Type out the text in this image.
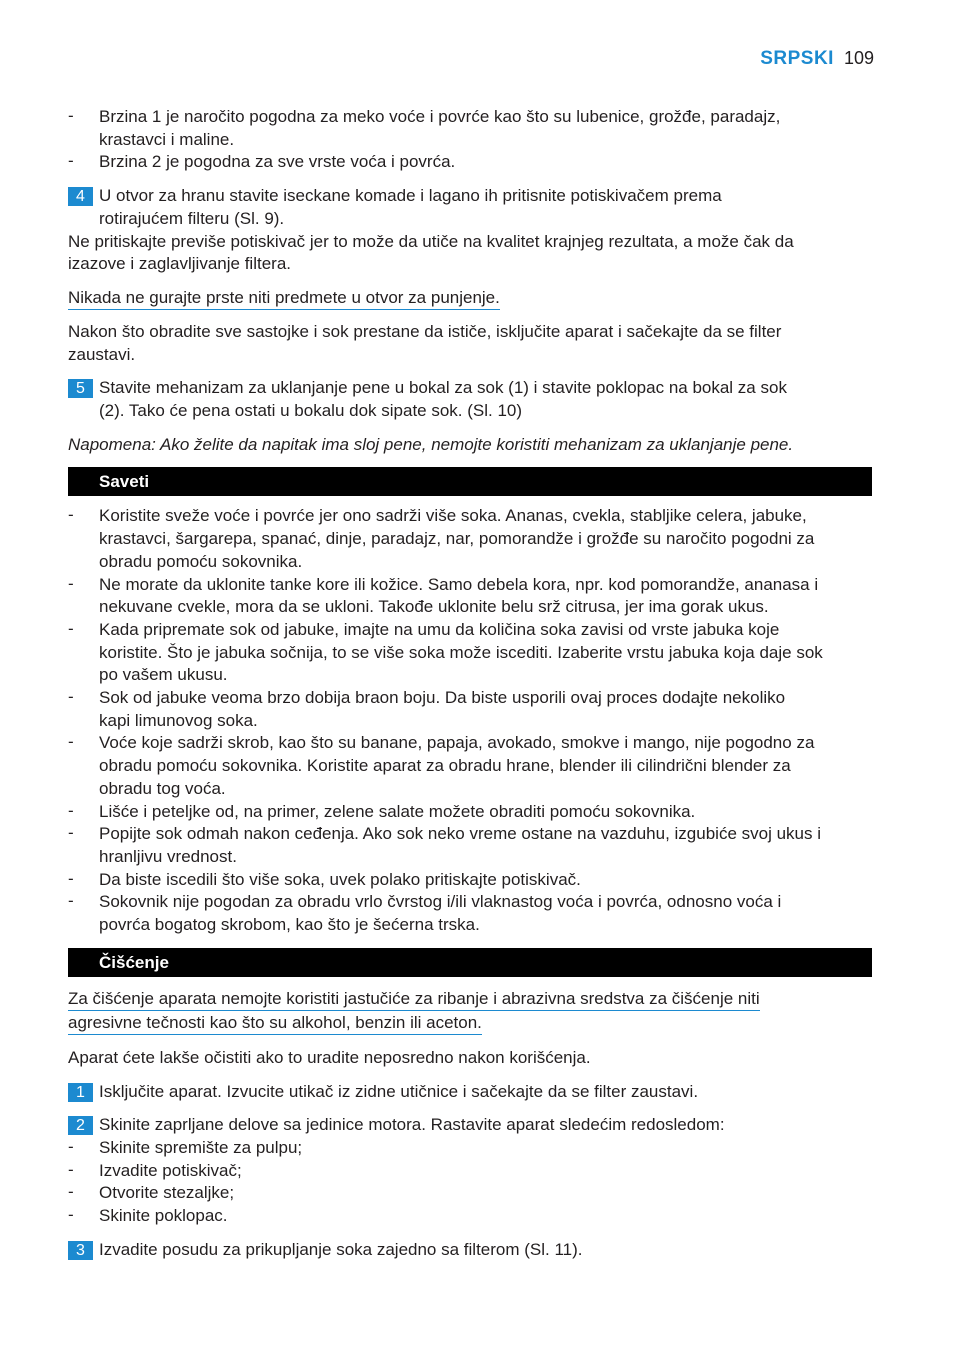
SRPSKI 109
- Brzina 1 je naročito pogodna za meko voće i povrće kao što su lubenice, grožđe, paradajz,
krastavci i maline.
- Brzina 2 je pogodna za sve vrste voća i povrća.
4 U otvor za hranu stavite iseckane komade i lagano ih pritisnite potiskivačem prema
rotirajućem filteru (Sl. 9).
Ne pritiskajte previše potiskivač jer to može da utiče na kvalitet krajnjeg rezultata, a može čak da
izazove i zaglavljivanje filtera.
Nikada ne gurajte prste niti predmete u otvor za punjenje.
Nakon što obradite sve sastojke i sok prestane da ističe, isključite aparat i sačekajte da se filter
zaustavi.
5 Stavite mehanizam za uklanjanje pene u bokal za sok (1) i stavite poklopac na bokal za sok
(2). Tako će pena ostati u bokalu dok sipate sok. (Sl. 10)
Napomena: Ako želite da napitak ima sloj pene, nemojte koristiti mehanizam za uklanjanje pene.
Saveti
- Koristite sveže voće i povrće jer ono sadrži više soka. Ananas, cvekla, stabljike celera, jabuke,
krastavci, šargarepa, spanać, dinje, paradajz, nar, pomorandže i grožđe su naročito pogodni za
obradu pomoću sokovnika.
- Ne morate da uklonite tanke kore ili kožice. Samo debela kora, npr. kod pomorandže, ananasa i
nekuvane cvekle, mora da se ukloni. Takođe uklonite belu srž citrusa, jer ima gorak ukus.
- Kada pripremate sok od jabuke, imajte na umu da količina soka zavisi od vrste jabuka koje
koristite. Što je jabuka sočnija, to se više soka može iscediti. Izaberite vrstu jabuka koja daje sok
po vašem ukusu.
- Sok od jabuke veoma brzo dobija braon boju. Da biste usporili ovaj proces dodajte nekoliko
kapi limunovog soka.
- Voće koje sadrži skrob, kao što su banane, papaja, avokado, smokve i mango, nije pogodno za
obradu pomoću sokovnika. Koristite aparat za obradu hrane, blender ili cilindrični blender za
obradu tog voća.
- Lišće i peteljke od, na primer, zelene salate možete obraditi pomoću sokovnika.
- Popijte sok odmah nakon ceđenja. Ako sok neko vreme ostane na vazduhu, izgubiće svoj ukus i
hranljivu vrednost.
- Da biste iscedili što više soka, uvek polako pritiskajte potiskivač.
- Sokovnik nije pogodan za obradu vrlo čvrstog i/ili vlaknastog voća i povrća, odnosno voća i
povrća bogatog skrobom, kao što je šećerna trska.
Čišćenje
Za čišćenje aparata nemojte koristiti jastučiće za ribanje i abrazivna sredstva za čišćenje niti
agresivne tečnosti kao što su alkohol, benzin ili aceton.
Aparat ćete lakše očistiti ako to uradite neposredno nakon korišćenja.
1 Isključite aparat. Izvucite utikač iz zidne utičnice i sačekajte da se filter zaustavi.
2 Skinite zaprljane delove sa jedinice motora. Rastavite aparat sledećim redosledom:
- Skinite spremište za pulpu;
- Izvadite potiskivač;
- Otvorite stezaljke;
- Skinite poklopac.
3 Izvadite posudu za prikupljanje soka zajedno sa filterom (Sl. 11).
